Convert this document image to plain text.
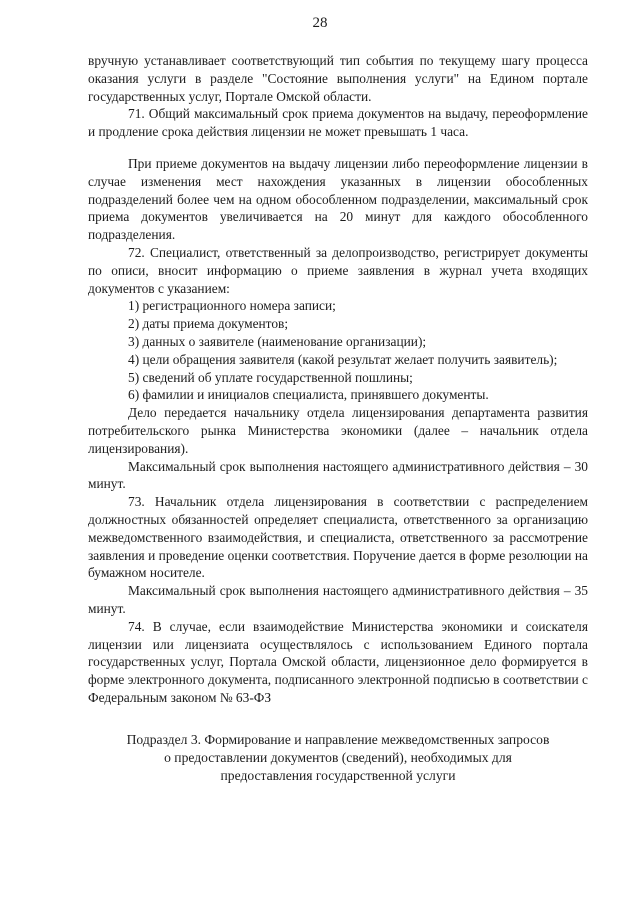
28

вручную устанавливает соответствующий тип события по текущему шагу процесса оказания услуги в разделе "Состояние выполнения услуги" на Едином портале государственных услуг, Портале Омской области.

71. Общий максимальный срок приема документов на выдачу, переоформление и продление срока действия лицензии не может превышать 1 часа.

При приеме документов на выдачу лицензии либо переоформление лицензии в случае изменения мест нахождения указанных в лицензии обособленных подразделений более чем на одном обособленном подразделении, максимальный срок приема документов увеличивается на 20 минут для каждого обособленного подразделения.

72. Специалист, ответственный за делопроизводство, регистрирует документы по описи, вносит информацию о приеме заявления в журнал учета входящих документов с указанием:

1) регистрационного номера записи;

2) даты приема документов;

3) данных о заявителе (наименование организации);

4) цели обращения заявителя (какой результат желает получить заявитель);

5) сведений об уплате государственной пошлины;

6) фамилии и инициалов специалиста, принявшего документы.

Дело передается начальнику отдела лицензирования департамента развития потребительского рынка Министерства экономики (далее – начальник отдела лицензирования).

Максимальный срок выполнения настоящего административного действия – 30 минут.

73. Начальник отдела лицензирования в соответствии с распределением должностных обязанностей определяет специалиста, ответственного за организацию межведомственного взаимодействия, и специалиста, ответственного за рассмотрение заявления и проведение оценки соответствия. Поручение дается в форме резолюции на бумажном носителе.

Максимальный срок выполнения настоящего административного действия – 35 минут.

74. В случае, если взаимодействие Министерства экономики и соискателя лицензии или лицензиата осуществлялось с использованием Единого портала государственных услуг, Портала Омской области, лицензионное дело формируется в форме электронного документа, подписанного электронной подписью в соответствии с Федеральным законом № 63-ФЗ

Подраздел 3. Формирование и направление межведомственных запросов
о предоставлении документов (сведений), необходимых для
предоставления государственной услуги
